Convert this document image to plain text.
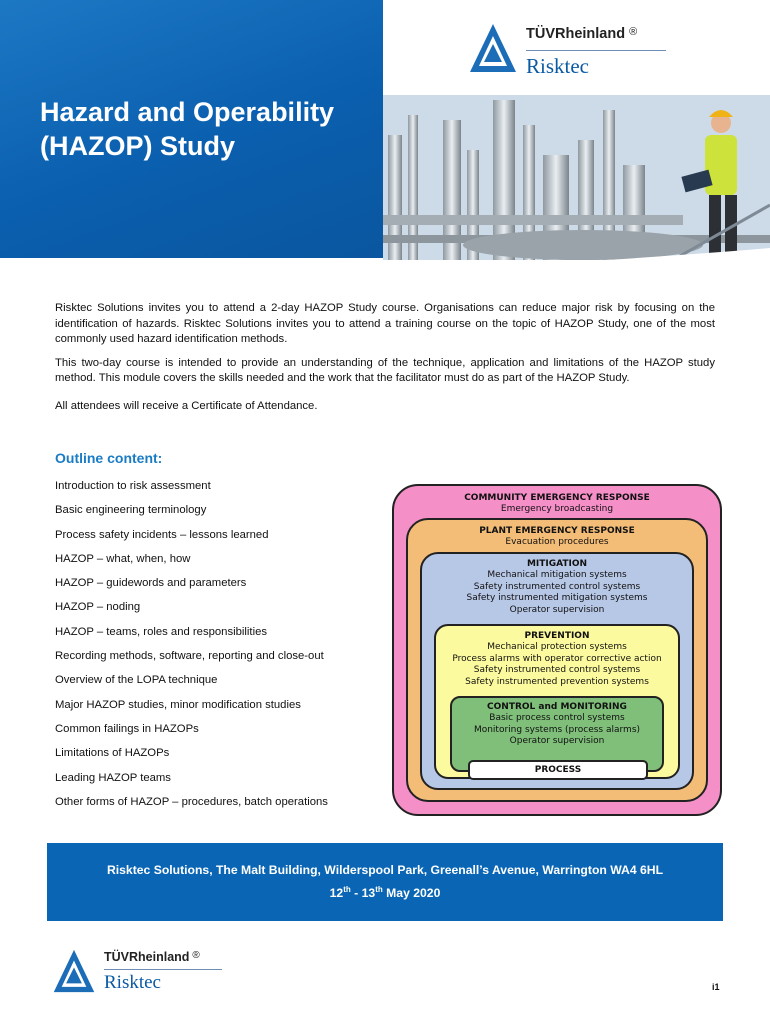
Hazard and Operability (HAZOP) Study
TÜVRheinland ®
Risktec

Risktec Solutions invites you to attend a 2-day HAZOP Study course. Organisations can reduce major risk by focusing on the identification of hazards. Risktec Solutions invites you to attend a training course on the topic of HAZOP Study, one of the most commonly used hazard identification methods.

This two-day course is intended to provide an understanding of the technique, application and limitations of the HAZOP study method. This module covers the skills needed and the work that the facilitator must do as part of the HAZOP Study.

All attendees will receive a Certificate of Attendance.

Outline content:
Introduction to risk assessment
Basic engineering terminology
Process safety incidents – lessons learned
HAZOP – what, when, how
HAZOP – guidewords and parameters
HAZOP – noding
HAZOP – teams, roles and responsibilities
Recording methods, software, reporting and close-out
Overview of the LOPA technique
Major HAZOP studies, minor modification studies
Common failings in HAZOPs
Limitations of HAZOPs
Leading HAZOP teams
Other forms of HAZOP – procedures, batch operations
COMMUNITY EMERGENCY RESPONSE
Emergency broadcasting
PLANT EMERGENCY RESPONSE
Evacuation procedures
MITIGATION
Mechanical mitigation systems
Safety instrumented control systems
Safety instrumented mitigation systems
Operator supervision
PREVENTION
Mechanical protection systems
Process alarms with operator corrective action
Safety instrumented control systems
Safety instrumented prevention systems
CONTROL and MONITORING
Basic process control systems
Monitoring systems (process alarms)
Operator supervision
PROCESS
Risktec Solutions, The Malt Building, Wilderspool Park, Greenall’s Avenue, Warrington WA4 6HL
12th - 13th May 2020
TÜVRheinland ®
Risktec	i1
